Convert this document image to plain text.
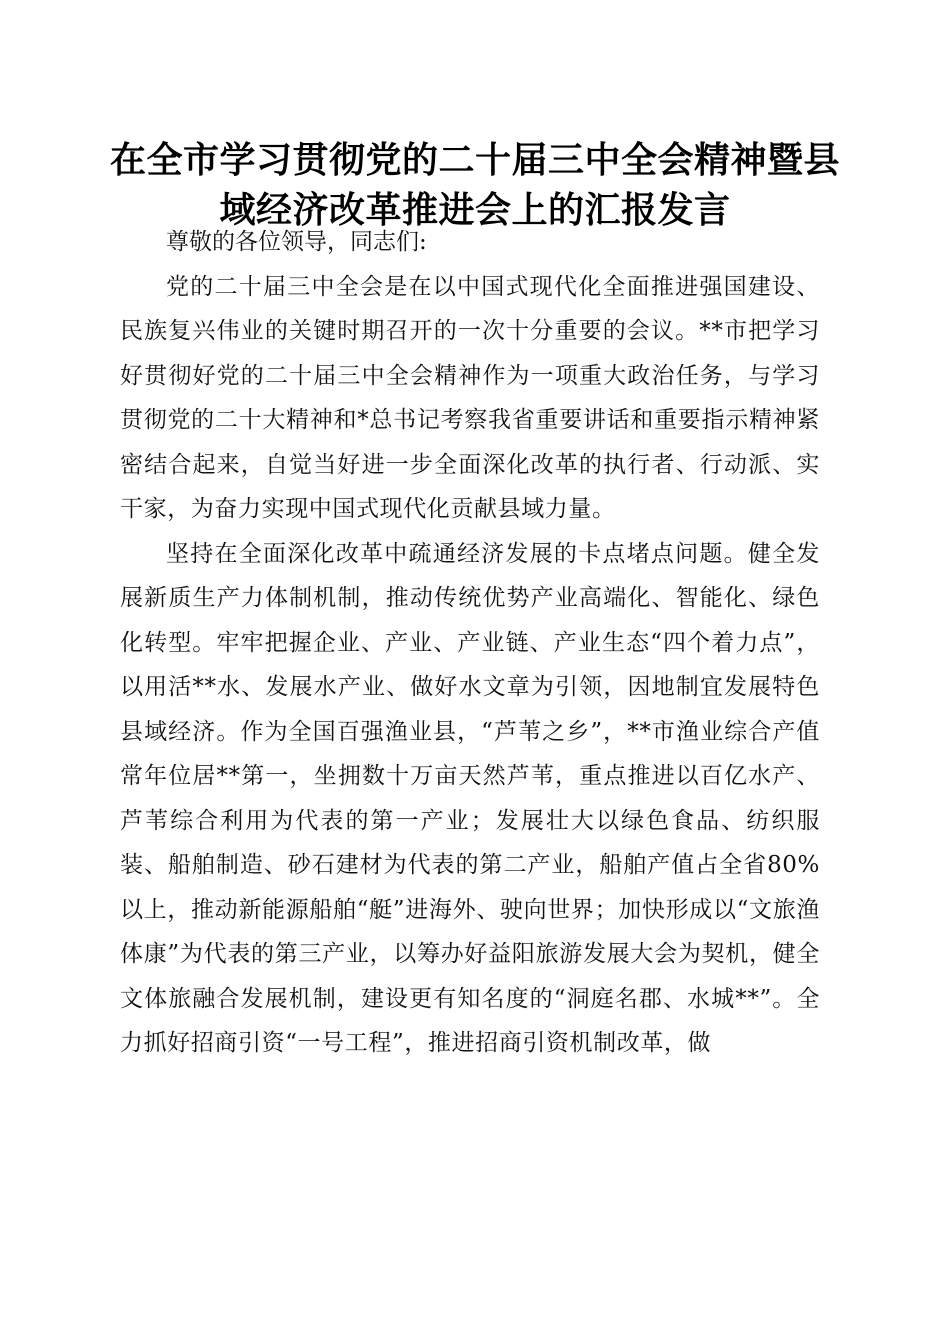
在全市学习贯彻党的二十届三中全会精神暨县
域经济改革推进会上的汇报发言

尊敬的各位领导，同志们:

党的二十届三中全会是在以中国式现代化全面推进强国建设、民族复兴伟业的关键时期召开的一次十分重要的会议。**市把学习好贯彻好党的二十届三中全会精神作为一项重大政治任务，与学习贯彻党的二十大精神和*总书记考察我省重要讲话和重要指示精神紧密结合起来，自觉当好进一步全面深化改革的执行者、行动派、实干家，为奋力实现中国式现代化贡献县域力量。

坚持在全面深化改革中疏通经济发展的卡点堵点问题。健全发展新质生产力体制机制，推动传统优势产业高端化、智能化、绿色化转型。牢牢把握企业、产业、产业链、产业生态“四个着力点”，以用活**水、发展水产业、做好水文章为引领，因地制宜发展特色县域经济。作为全国百强渔业县，“芦苇之乡”，**市渔业综合产值常年位居**第一，坐拥数十万亩天然芦苇，重点推进以百亿水产、芦苇综合利用为代表的第一产业；发展壮大以绿色食品、纺织服装、船舶制造、砂石建材为代表的第二产业，船舶产值占全省80%以上，推动新能源船舶“艇”进海外、驶向世界；加快形成以“文旅渔体康”为代表的第三产业，以筹办好益阳旅游发展大会为契机，健全文体旅融合发展机制，建设更有知名度的“洞庭名郡、水城**”。全力抓好招商引资“一号工程”，推进招商引资机制改革，做
